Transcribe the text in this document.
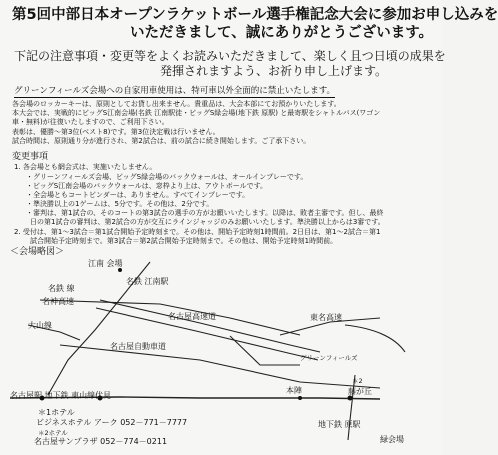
第5回中部日本オープンラケットボール選手権記念大会に参加お申し込みを
いただきまして、誠にありがとうございます。
下記の注意事項・変更等をよくお読みいただきまして、楽しく且つ日頃の成果を
発揮されますよう、お祈り申し上げます。
グリーンフィールズ会場への自家用車使用は、特可車以外全面的に禁止いたします。
各会場のロッカーキーは、原則としてお貸し出来ません。貴重品は、大会本部にてお預かりいたします。
本大会では、実戦的にビッグS江南会場(名鉄 江南駅徒・ビッグS緑会場(地下鉄 原駅) と最寄駅をシャトルバス(ワゴン
車・無料)が往復いたしますので、ご利用下さい。
表彰は、優勝～第3位(ベスト8)です。第3位決定戦は行いません。
試合時間は、原則通り分が進行され、第2試合は、前の試合に続き開始します。ご了承下さい。
変更事項
1. 各会場とも網会式は、実施いたしません。
・グリーンフィールズ会場、ビッグS緑会場のバックウォールは、オールインプレーです。
・ビッグS江南会場のバックウォールは、窓枠より上は、アウトボールです。
・全会場ともコートビンダーは、ありません。すべてインプレーです。
・準決勝以上の1ゲームは、5分です。その他は、2分です。
・審判は、第1試合の、そのコートの第3試合の選手の方がお願いいたします。以降は、敗者主審です。但し、最終
日の第1試合の審判は、第2試合の方が交互にラインジャッジのみお願いいたします。準決勝以上からは3審です。
2. 受付は、第1～3試合＝第1試合開始予定時刻まで。その他は、開始予定時刻1時間前。2日目は、第1～2試合＝第1
試合開始予定時刻まで。第3試合＝第2試合開始予定時刻まで。その他は、開始予定時刻1時間前。
＜会場略図＞
江南 会場
名鉄 江南駅
名鉄 線
名神高速
名古屋高速道	東名高速
大山線
名古屋自動車道
グリーンフィールズ
名古屋駅 地下鉄 東山線 伏見
本陣
＊2
藤が丘
地下鉄 原駅
緑会場
＊1ホテル
ビジネスホテル アーク 052－771－7777
＊2ホテル
名古屋サンプラザ 052－774－0211
